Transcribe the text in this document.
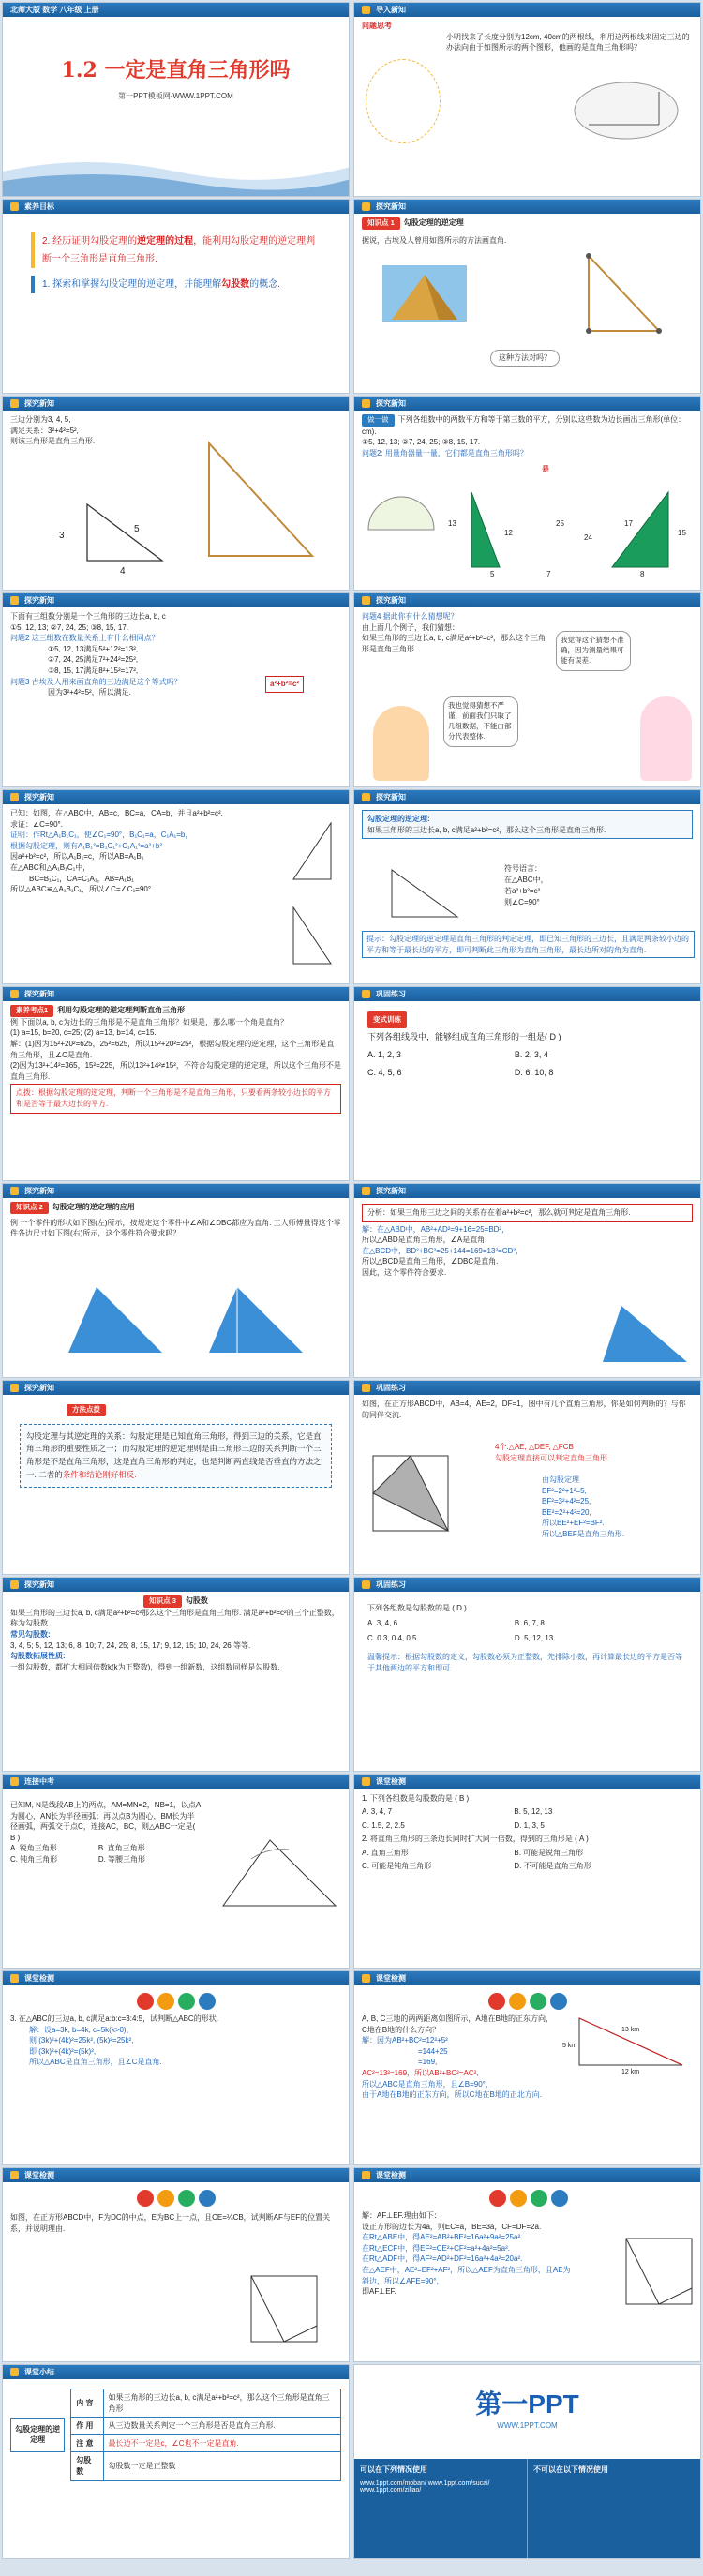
北师大版 数学 八年级 上册
1.2 一定是直角三角形吗
第一PPT模板网-WWW.1PPT.COM
导入新知
问题思考
小明找来了长度分别为12cm, 40cm的两根线，利用这两根线来固定三边的办法向由于如图所示的两个图形，他画的是直角三角形吗？
素养目标
2. 经历证明勾股定理的逆定理的过程，能利用勾股定理的逆定理判断一个三角形是直角三角形.
1. 探索和掌握勾股定理的逆定理，并能理解勾股数的概念.
探究新知
知识点 1 勾股定理的逆定理
据说，古埃及人曾用如图所示的方法画直角.
这种方法对吗？
探究新知
三边分别为3, 4, 5,
满足关系：3²+4²=5²,
则该三角形是直角三角形.
3
4
5
探究新知
做一做 下列各组数中的两数平方和等于第三数的平方，分别以这些数为边长画出三角形(单位：cm).
①5, 12, 13; ②7, 24, 25; ③8, 15, 17.
问题2: 用量角器量一量，它们都是直角三角形吗？
是
13
5
12
17
15
8
25
7
24
探究新知
下面有三组数分别是一个三角形的三边长a, b, c
①5, 12, 13; ②7, 24, 25; ③8, 15, 17.
问题2 这三组数在数量关系上有什么相同点？
①5, 12, 13满足5²+12²=13²,
②7, 24, 25满足7²+24²=25²,
③8, 15, 17满足8²+15²=17²,
a²+b²=c²
问题3 古埃及人用来画直角的三边满足这个等式吗？
因为3²+4²=5²，所以满足.
探究新知
问题4 据此你有什么猜想呢？
由上面几个例子，我们猜想：
如果三角形的三边长a, b, c满足a²+b²=c²，那么这个三角形是直角三角形.
我觉得这个猜想不准确，因为测量结果可能有误差.
我也觉得猜想不严谨，前面我们只取了几组数据，不能由部分代表整体.
探究新知
已知：如图，在△ABC中，AB=c，BC=a，CA=b，并且a²+b²=c².
求证：∠C=90°.
证明：作Rt△A₁B₁C₁，使∠C₁=90°，B₁C₁=a，C₁A₁=b，
根据勾股定理，则有A₁B₁²=B₁C₁²+C₁A₁²=a²+b²
因a²+b²=c²，所以A₁B₁=c，所以AB=A₁B₁
在△ABC和△A₁B₁C₁中，
BC=B₁C₁，CA=C₁A₁，AB=A₁B₁
所以△ABC≌△A₁B₁C₁，所以∠C=∠C₁=90°.
探究新知
勾股定理的逆定理:
如果三角形的三边长a, b, c满足a²+b²=c²，那么这个三角形是直角三角形.
符号语言：
在△ABC中，
若a²+b²=c²
则∠C=90°
提示：勾股定理的逆定理是直角三角形的判定定理，即已知三角形的三边长，且满足两条较小边的平方和等于最长边的平方，即可判断此三角形为直角三角形，最长边所对的角为直角.
探究新知
素养考点1 利用勾股定理的逆定理判断直角三角形
例 下面以a, b, c为边长的三角形是不是直角三角形？如果是，那么哪一个角是直角？
(1) a=15, b=20, c=25; (2) a=13, b=14, c=15.
解：(1)因为15²+20²=625，25²=625，所以15²+20²=25²，根据勾股定理的逆定理，这个三角形是直角三角形，且∠C是直角.
(2)因为13²+14²=365，15²=225，所以13²+14²≠15²，不符合勾股定理的逆定理，所以这个三角形不是直角三角形.
点拨：根据勾股定理的逆定理，判断一个三角形是不是直角三角形，只要看两条较小边长的平方和是否等于最大边长的平方.
巩固练习
变式训练
下列各组线段中，能够组成直角三角形的一组是( D )
A. 1, 2, 3	B. 2, 3, 4
C. 4, 5, 6	D. 6, 10, 8
探究新知
知识点 2 勾股定理的逆定理的应用
例 一个零件的形状如下图(左)所示，按规定这个零件中∠A和∠DBC都应为直角. 工人师傅量得这个零件各边尺寸如下图(右)所示，这个零件符合要求吗？
探究新知
分析：如果三角形三边之间的关系存在着a²+b²=c²，那么就可判定是直角三角形.
解：在△ABD中，AB²+AD²=9+16=25=BD²，
所以△ABD是直角三角形，∠A是直角.
在△BCD中，BD²+BC²=25+144=169=13²=CD²，
所以△BCD是直角三角形，∠DBC是直角.
因此，这个零件符合要求.
探究新知
方法点拨
勾股定理与其逆定理的关系：勾股定理是已知直角三角形，得到三边的关系，它是直角三角形的重要性质之一；而勾股定理的逆定理则是由三角形三边的关系判断一个三角形是不是直角三角形，这是直角三角形的判定，也是判断两直线是否垂直的方法之一. 二者的条件和结论刚好相反.
巩固练习
如图，在正方形ABCD中，AB=4，AE=2，DF=1，图中有几个直角三角形，你是如何判断的？与你的同伴交流.
4个.△AE, △DEF, △FCB
勾股定理直接可以判定直角三角形.
由勾股定理
EF²=2²+1²=5,
BF²=3²+4²=25,
BE²=2²+4²=20,
所以BE²+EF²=BF².
所以△BEF是直角三角形.
探究新知
知识点 3 勾股数
如果三角形的三边长a, b, c满足a²+b²=c²那么这个三角形是直角三角形. 满足a²+b²=c²的三个正整数，称为勾股数.
常见勾股数:
3, 4, 5; 5, 12, 13; 6, 8, 10; 7, 24, 25; 8, 15, 17; 9, 12, 15; 10, 24, 26 等等.
勾股数拓展性质:
一组勾股数，都扩大相同倍数k(k为正整数)，得到一组新数，这组数同样是勾股数.
巩固练习
下列各组数是勾股数的是 ( D )
A. 3, 4, 6	B. 6, 7, 8
C. 0.3, 0.4, 0.5	D. 5, 12, 13
温馨提示：根据勾股数的定义，勾股数必须为正整数，先排除小数，再计算最长边的平方是否等于其他两边的平方和即可.
连接中考
已知M, N是线段AB上的两点，AM=MN=2，NB=1，以点A为圆心，AN长为半径画弧；再以点B为圆心，BM长为半径画弧，两弧交于点C，连接AC，BC，则△ABC一定是( B )
A. 锐角三角形	B. 直角三角形
C. 钝角三角形	D. 等腰三角形
课堂检测
1. 下列各组数是勾股数的是 ( B )
A. 3, 4, 7	B. 5, 12, 13
C. 1.5, 2, 2.5	D. 1, 3, 5
2. 将直角三角形的三条边长同时扩大同一倍数，得到的三角形是 ( A )
A. 直角三角形	B. 可能是锐角三角形
C. 可能是钝角三角形	D. 不可能是直角三角形
课堂检测
3. 在△ABC的三边a, b, c满足a:b:c=3:4:5，试判断△ABC的形状.
解：设a=3k, b=4k, c=5k(k>0)，
则 (3k)²+(4k)²=25k², (5k)²=25k²,
即 (3k)²+(4k)²=(5k)²,
所以△ABC是直角三角形，且∠C是直角.
课堂检测
A, B, C三地的两两距离如图所示，A地在B地的正东方向，C地在B地的什么方向？
解：因为AB²+BC²=12²+5²
=144+25
=169,
AC²=13²=169，所以AB²+BC²=AC²,
所以△ABC是直角三角形，且∠B=90°，
由于A地在B地的正东方向，所以C地在B地的正北方向.
13 km
5 km
12 km
课堂检测
如图，在正方形ABCD中，F为DC的中点，E为BC上一点，且CE=¼CB，试判断AF与EF的位置关系，并说明理由.
课堂检测
解：AF⊥EF.理由如下：
设正方形的边长为4a，则EC=a，BE=3a，CF=DF=2a.
在Rt△ABE中，得AE²=AB²+BE²=16a²+9a²=25a².
在Rt△ECF中，得EF²=CE²+CF²=a²+4a²=5a².
在Rt△ADF中，得AF²=AD²+DF²=16a²+4a²=20a².
在△AEF中，AE²=EF²+AF²，所以△AEF为直角三角形，且AE为斜边，所以∠AFE=90°，
即AF⊥EF.
课堂小结
勾股定理的逆定理
内 容	如果三角形的三边长a, b, c满足a²+b²=c²，那么这个三角形是直角三角形
作 用	从三边数量关系判定一个三角形是否是直角三角形.
注 意	最长边不一定是c，∠C也不一定是直角.
勾股数	勾股数一定是正整数
第一PPT
WWW.1PPT.COM
可以在下列情况使用
www.1ppt.com/moban/ www.1ppt.com/sucai/ www.1ppt.com/ziliao/
不可以在以下情况使用
